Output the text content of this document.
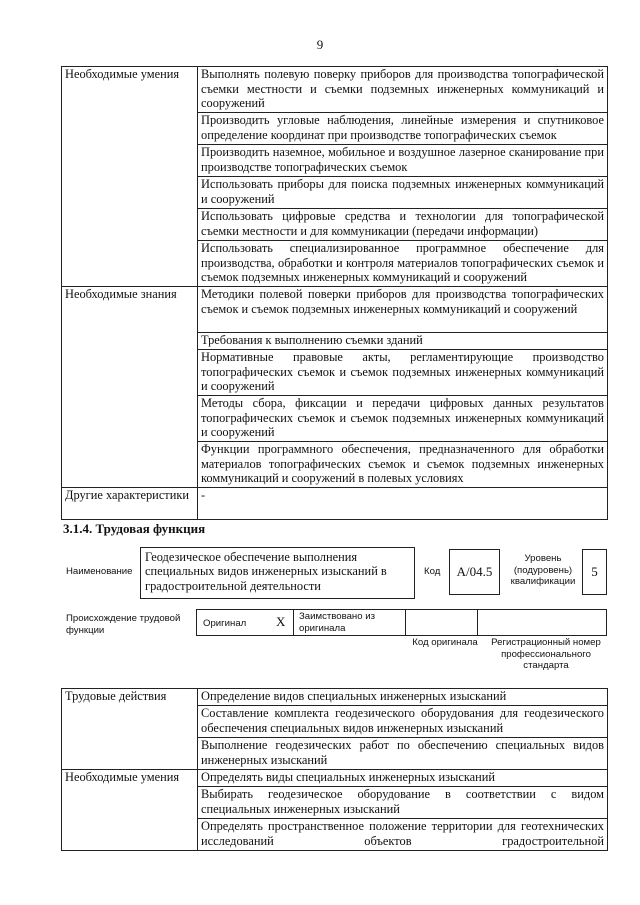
9
Необходимые умения	Выполнять полевую поверку приборов для производства топографической съемки местности и съемки подземных инженерных коммуникаций и сооружений
	Производить угловые наблюдения, линейные измерения и спутниковое определение координат при производстве топографических съемок
	Производить наземное, мобильное и воздушное лазерное сканирование при производстве топографических съемок
	Использовать приборы для поиска подземных инженерных коммуникаций и сооружений
	Использовать цифровые средства и технологии для топографической съемки местности и для коммуникации (передачи информации)
	Использовать специализированное программное обеспечение для производства, обработки и контроля материалов топографических съемок и съемок подземных инженерных коммуникаций и сооружений
Необходимые знания	Методики полевой поверки приборов для производства топографических съемок и съемок подземных инженерных коммуникаций и сооружений
	Требования к выполнению съемки зданий
	Нормативные правовые акты, регламентирующие производство топографических съемок и съемок подземных инженерных коммуникаций и сооружений
	Методы сбора, фиксации и передачи цифровых данных результатов топографических съемок и съемок подземных инженерных коммуникаций и сооружений
	Функции программного обеспечения, предназначенного для обработки материалов топографических съемок и съемок подземных инженерных коммуникаций и сооружений в полевых условиях
Другие характеристики	-
3.1.4. Трудовая функция
Наименование
Геодезическое обеспечение выполнения специальных видов инженерных изысканий в градостроительной деятельности
Код	A/04.5
Уровень (подуровень) квалификации
5
Происхождение трудовой функции
Оригинал X Заимствовано из оригинала
Код оригинала	Регистрационный номер профессионального стандарта
Трудовые действия	Определение видов специальных инженерных изысканий
	Составление комплекта геодезического оборудования для геодезического обеспечения специальных видов инженерных изысканий
	Выполнение геодезических работ по обеспечению специальных видов инженерных изысканий
Необходимые умения	Определять виды специальных инженерных изысканий
	Выбирать геодезическое оборудование в соответствии с видом специальных инженерных изысканий
	Определять пространственное положение территории для геотехнических исследований объектов градостроительной
